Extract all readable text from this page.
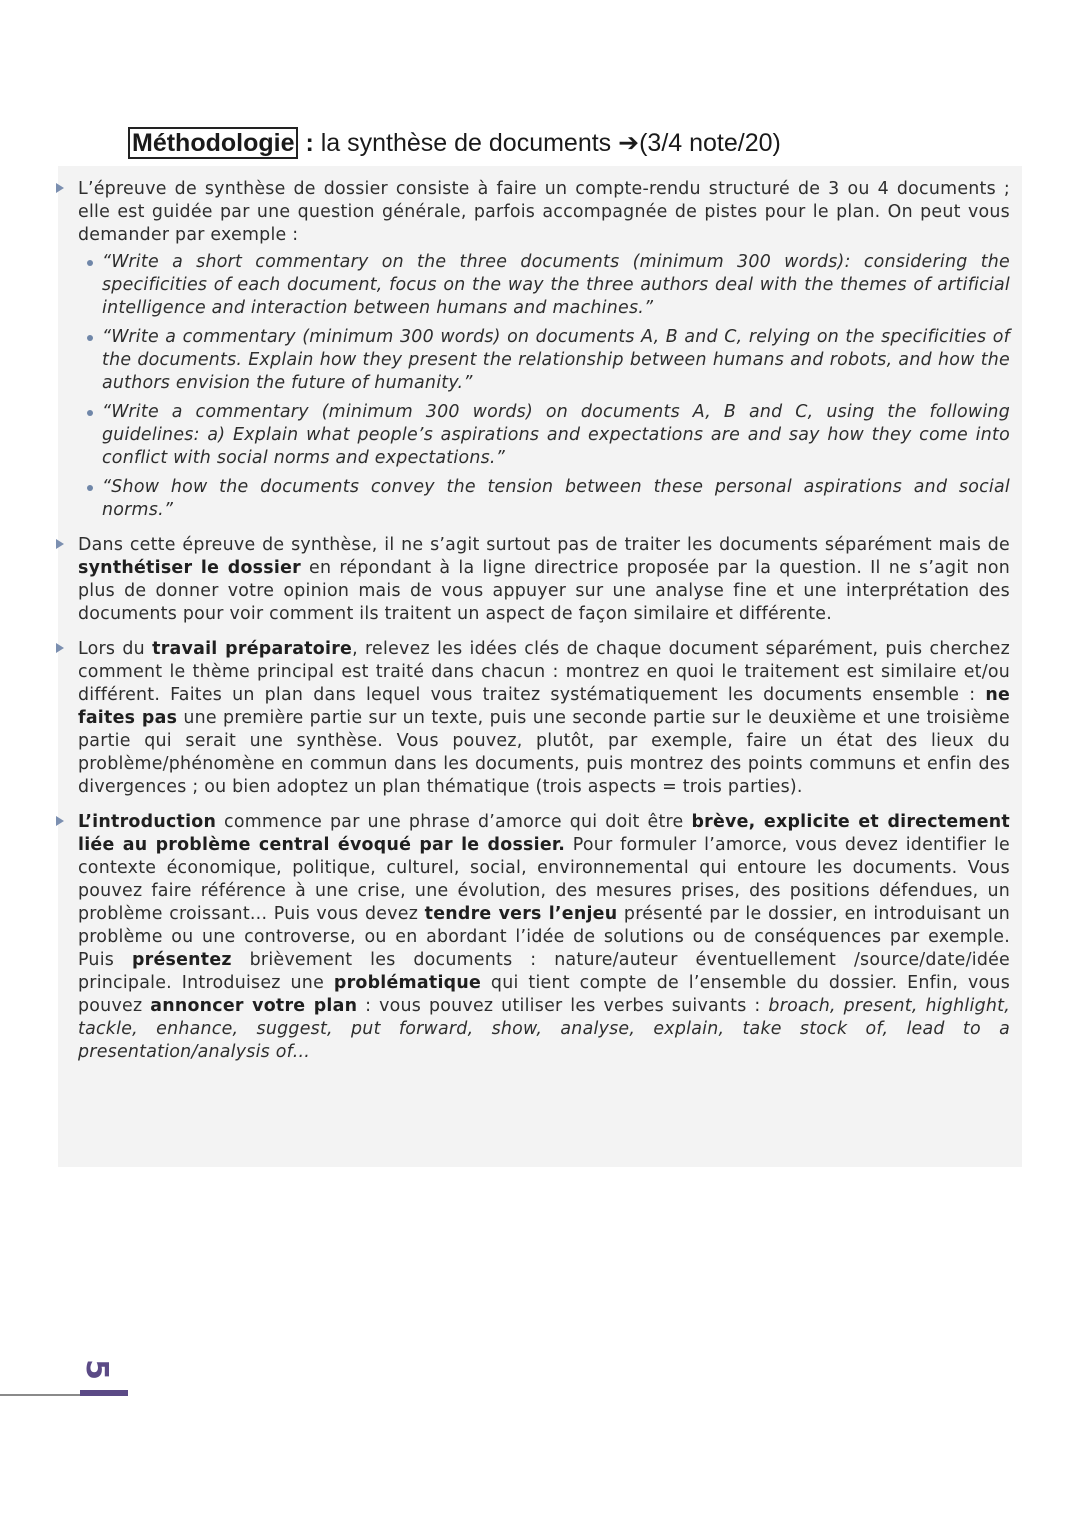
Méthodologie : la synthèse de documents ➔(3/4 note/20)
L’épreuve de synthèse de dossier consiste à faire un compte-rendu structuré de 3 ou 4 documents ; elle est guidée par une question générale, parfois accompagnée de pistes pour le plan. On peut vous demander par exemple :
“Write a short commentary on the three documents (minimum 300 words): considering the specificities of each document, focus on the way the three authors deal with the themes of artificial intelligence and interaction between humans and machines.”
“Write a commentary (minimum 300 words) on documents A, B and C, relying on the specificities of the documents. Explain how they present the relationship between humans and robots, and how the authors envision the future of humanity.”
“Write a commentary (minimum 300 words) on documents A, B and C, using the following guidelines: a) Explain what people’s aspirations and expectations are and say how they come into conflict with social norms and expectations.”
“Show how the documents convey the tension between these personal aspirations and social norms.”
Dans cette épreuve de synthèse, il ne s’agit surtout pas de traiter les documents séparément mais de synthétiser le dossier en répondant à la ligne directrice proposée par la question. Il ne s’agit non plus de donner votre opinion mais de vous appuyer sur une analyse fine et une interprétation des documents pour voir comment ils traitent un aspect de façon similaire et différente.
Lors du travail préparatoire, relevez les idées clés de chaque document séparément, puis cherchez comment le thème principal est traité dans chacun : montrez en quoi le traitement est similaire et/ou différent. Faites un plan dans lequel vous traitez systématiquement les documents ensemble : ne faites pas une première partie sur un texte, puis une seconde partie sur le deuxième et une troisième partie qui serait une synthèse. Vous pouvez, plutôt, par exemple, faire un état des lieux du problème/phénomène en commun dans les documents, puis montrez des points communs et enfin des divergences ; ou bien adoptez un plan thématique (trois aspects = trois parties).
L’introduction commence par une phrase d’amorce qui doit être brève, explicite et directement liée au problème central évoqué par le dossier. Pour formuler l’amorce, vous devez identifier le contexte économique, politique, culturel, social, environnemental qui entoure les documents. Vous pouvez faire référence à une crise, une évolution, des mesures prises, des positions défendues, un problème croissant... Puis vous devez tendre vers l’enjeu présenté par le dossier, en introduisant un problème ou une controverse, ou en abordant l’idée de solutions ou de conséquences par exemple. Puis présentez brièvement les documents : nature/auteur éventuellement /source/date/idée principale. Introduisez une problématique qui tient compte de l’ensemble du dossier. Enfin, vous pouvez annoncer votre plan : vous pouvez utiliser les verbes suivants : broach, present, highlight, tackle, enhance, suggest, put forward, show, analyse, explain, take stock of, lead to a presentation/analysis of...
5
